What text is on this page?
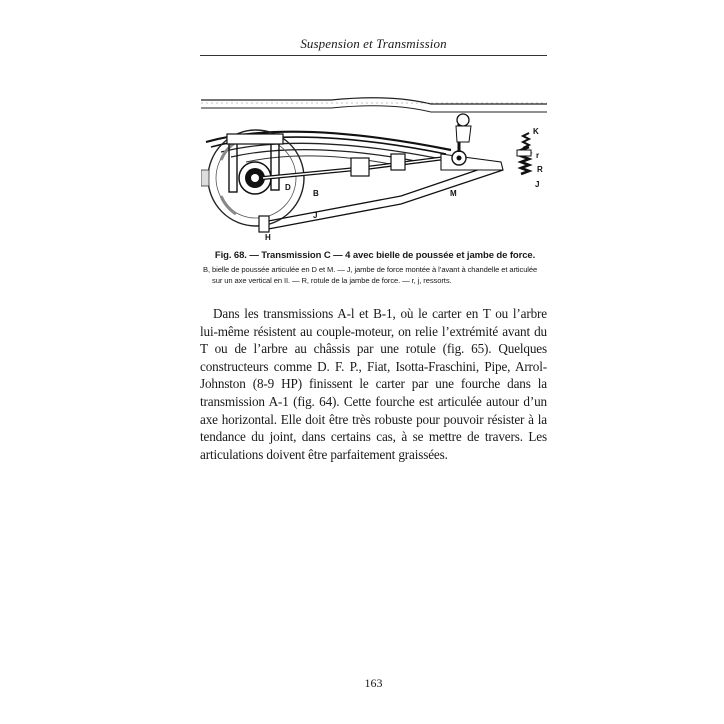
Suspension et Transmission
K
r
R
J
M
D
B
J
H

Fig. 68. — Transmission C — 4 avec bielle de poussée et jambe de force.

B, bielle de poussée articulée en D et M. — J, jambe de force montée à l’avant à chandelle et articulée sur un axe vertical en II. — R, rotule de la jambe de force. — r, j, ressorts.

Dans les transmissions A-l et B-1, où le carter en T ou l’arbre lui-même résistent au couple-moteur, on relie l’extrémité avant du T ou de l’arbre au châssis par une rotule (fig. 65). Quelques constructeurs comme D. F. P., Fiat, Isotta-Fraschini, Pipe, Arrol-Johnston (8-9 HP) finissent le carter par une fourche dans la transmission A-1 (fig. 64). Cette fourche est articulée autour d’un axe horizontal. Elle doit être très robuste pour pouvoir résister à la tendance du joint, dans certains cas, à se mettre de travers. Les articulations doivent être parfaitement graissées.

163
